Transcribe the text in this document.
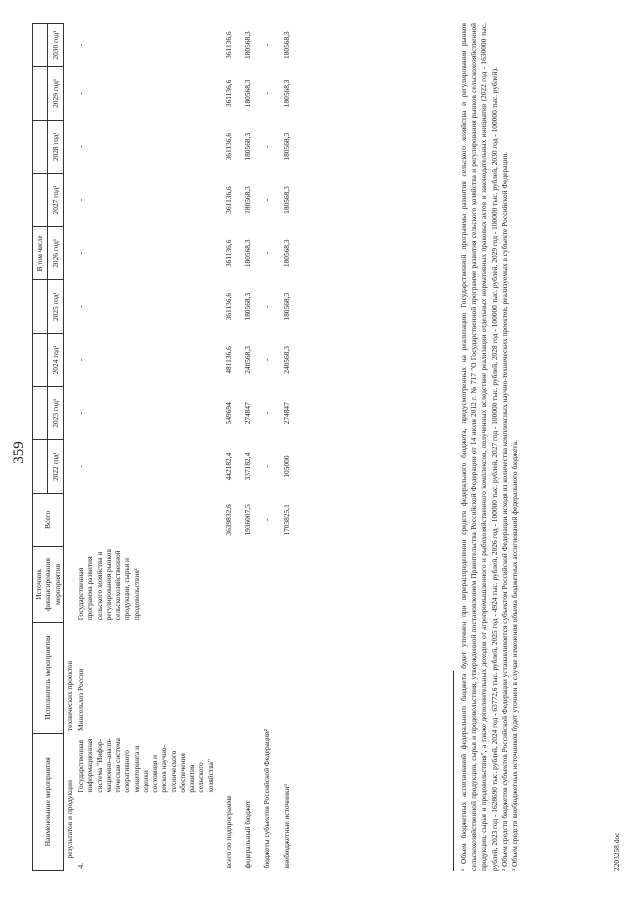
359
Наименование мероприятия		Исполнитель мероприятия	Источник финансирования мероприятия	Всего					В том числе				
					2022 год¹	2023 год¹	2024 год¹	2025 год¹	2026 год¹	2027 год¹	2028 год¹	2029 год¹	2030 год¹
результатов и продукции		технических проектов											
4.	Государственная информационная система "Инфор-мационно-анали-тическая система оперативного мониторинга и оценки состояния и рисков научно-технического обеспечения развития сельского хозяйства"	Минсельхоз России	Государственная программа развития сельского хозяйства и регулирования рынков сельскохозяйственной продукции, сырья и продовольствия¹		-	-	-	-	-	-	-	-	-
всего по подпрограмме				3639832,6	442182,4	549694	481136,6	361136,6	361136,6	361136,6	361136,6	361136,6	361136,6
федеральный бюджет				1936007,5	337182,4	274847	240568,3	180568,3	180568,3	180568,3	180568,3	180568,3	180568,3
бюджеты субъектов Российской Федерации²				-	-	-	-	-	-	-	-	-	-
внебюджетные источники³				1703825,1	105000	274847	240568,3	180568,3	180568,3	180568,3	180568,3	180568,3	180568,3	¹ Объем бюджетных ассигнований федерального бюджета будет уточнен при перераспределении средств федерального бюджета, предусмотренных на реализацию Государственной программы развития сельского хозяйства и регулирования рынков сельскохозяйственной продукции, сырья и продовольствия, утвержденной постановлением Правительства Российской Федерации от 14 июля 2012 г. № 717 "О Государственной программе развития сельского хозяйства и регулирования рынков сельскохозяйственной продукции, сырья и продовольствия", а также дополнительных доходов от агропромышленного и рыбохозяйственного комплексов, полученных вследствие реализации отдельных нормативных правовых актов и законодательных инициатив (2022 год - 1630000 тыс. рублей, 2023 год - 1628690 тыс. рублей, 2024 год - 63772,6 тыс. рублей, 2025 год - 4924 тыс. рублей, 2026 год - 100000 тыс. рублей, 2027 год - 100000 тыс. рублей, 2028 год - 100000 тыс. рублей, 2029 год - 100000 тыс. рублей, 2030 год - 100000 тыс. рублей). ² Объем средств бюджетов субъектов Российской Федерации устанавливается субъектом Российской Федерации исходя из количества комплексных научно-технических проектов, реализуемых в субъекте Российской Федерации. ³ Объем средств внебюджетных источников будет уточнен в случае изменения объема бюджетных ассигнований федерального бюджета.	2203258.doc
